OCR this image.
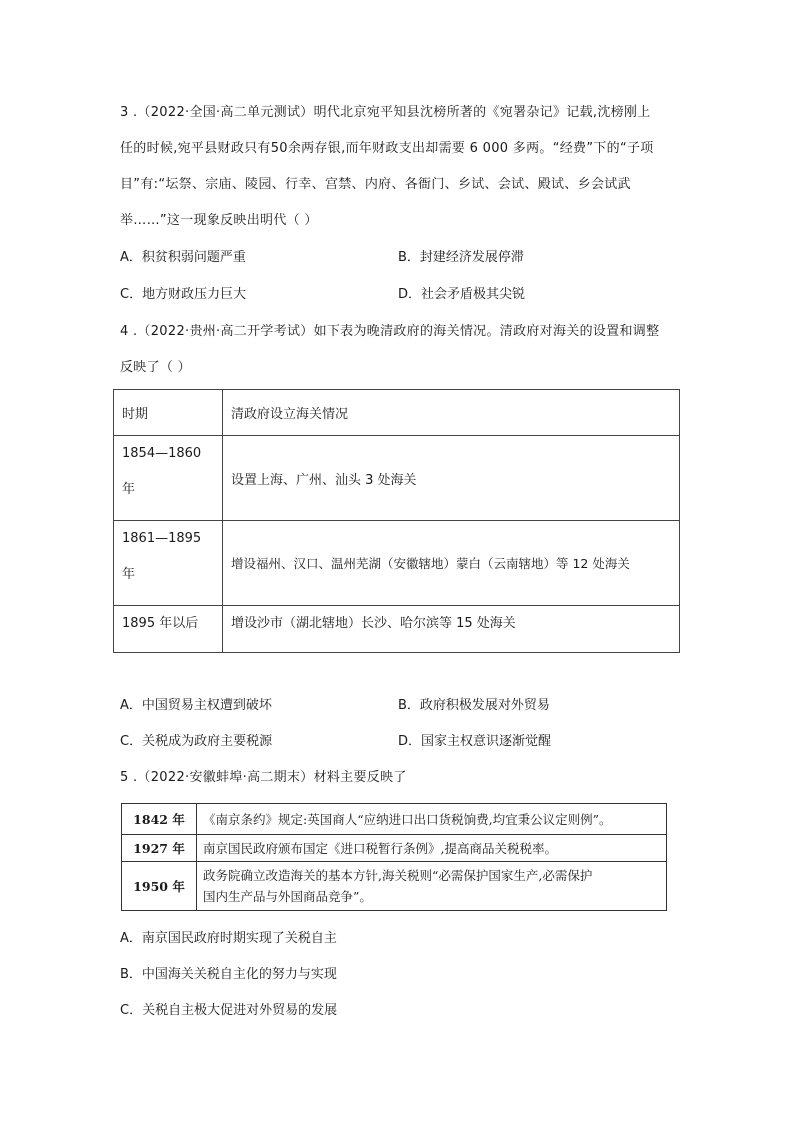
3 .（2022·全国·高二单元测试）明代北京宛平知县沈榜所著的《宛署杂记》记载,沈榜刚上
任的时候,宛平县财政只有50余两存银,而年财政支出却需要 6 000 多两。“经费”下的“子项
目”有:“坛祭、宗庙、陵园、行幸、宫禁、内府、各衙门、乡试、会试、殿试、乡会试武
举……”这一现象反映出明代（ ）
A．积贫积弱问题严重	B．封建经济发展停滞
C．地方财政压力巨大	D．社会矛盾极其尖锐
4 .（2022·贵州·高二开学考试）如下表为晚清政府的海关情况。清政府对海关的设置和调整
反映了（ ）
时期	清政府设立海关情况

1854—1860
年	设置上海、广州、汕头 3 处海关

1861—1895
年	增设福州、汉口、温州芜湖（安徽辖地）蒙白（云南辖地）等 12 处海关

1895 年以后	增设沙市（湖北辖地）长沙、哈尔滨等 15 处海关
A．中国贸易主权遭到破坏	B．政府积极发展对外贸易
C．关税成为政府主要税源	D．国家主权意识逐渐觉醒
5 .（2022·安徽蚌埠·高二期末）材料主要反映了
1842 年	《南京条约》规定:英国商人“应纳进口出口货税饷费,均宜秉公议定则例”。
1927 年	南京国民政府颁布国定《进口税暂行条例》,提高商品关税税率。
1950 年	政务院确立改造海关的基本方针,海关税则“必需保护国家生产,必需保护
国内生产品与外国商品竞争”。
A．南京国民政府时期实现了关税自主
B．中国海关关税自主化的努力与实现
C．关税自主极大促进对外贸易的发展
